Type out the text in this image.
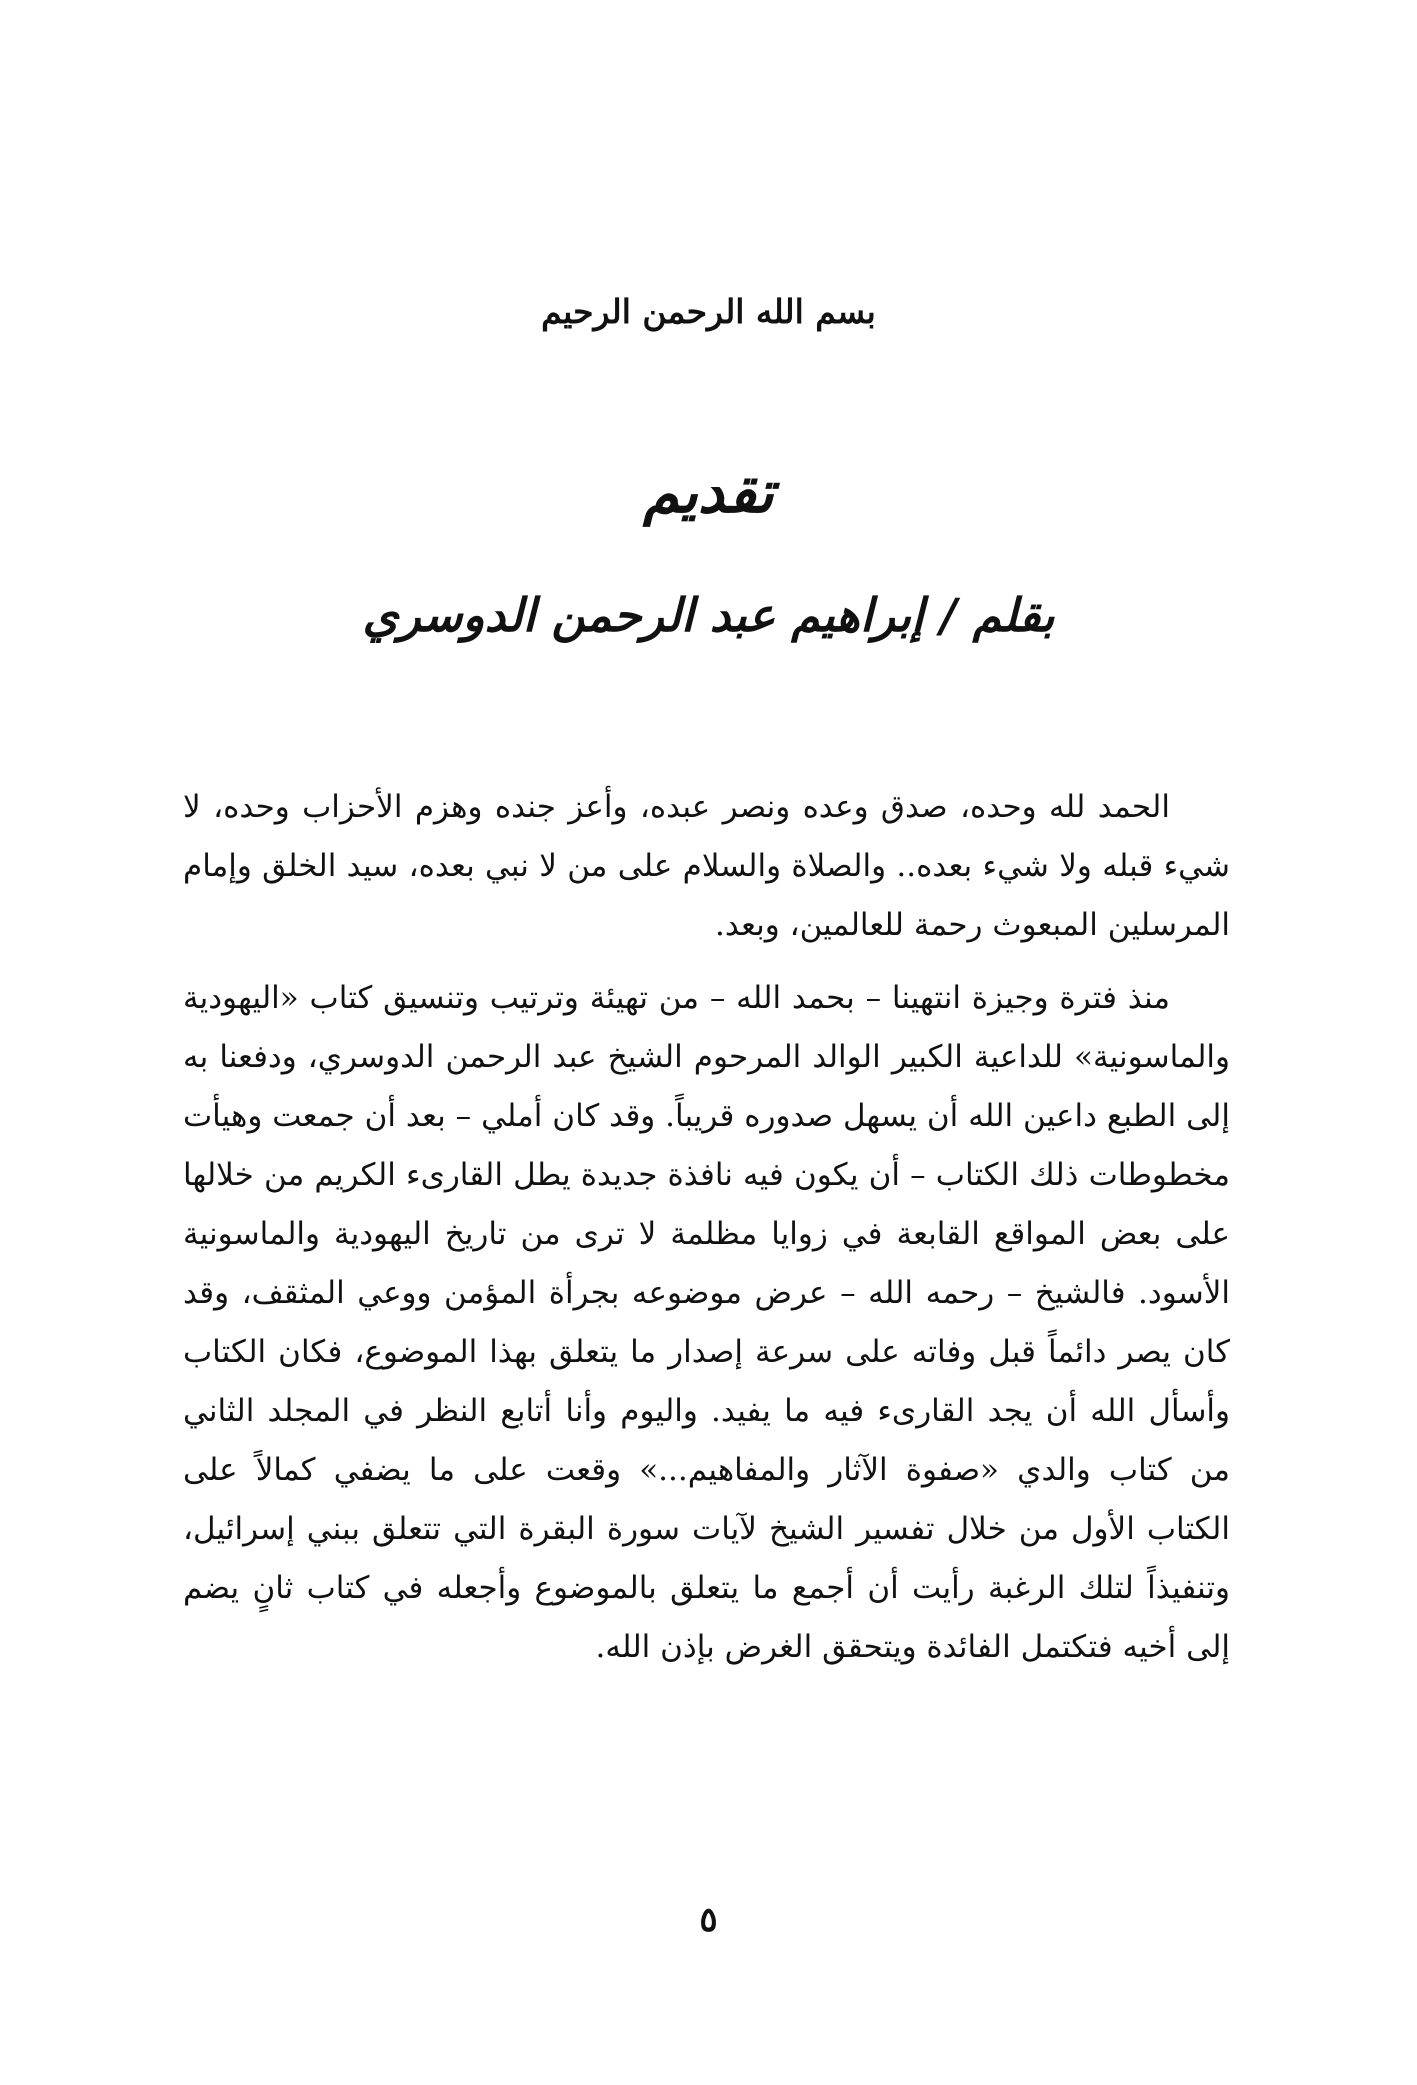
بسم الله الرحمن الرحيم
تقديم
بقلم / إبراهيم عبد الرحمن الدوسري

الحمد لله وحده، صدق وعده ونصر عبده، وأعز جنده وهزم الأحزاب وحده، لا شيء قبله ولا شيء بعده.. والصلاة والسلام على من لا نبي بعده، سيد الخلق وإمام المرسلين المبعوث رحمة للعالمين، وبعد.

منذ فترة وجيزة انتهينا – بحمد الله – من تهيئة وترتيب وتنسيق كتاب «اليهودية والماسونية» للداعية الكبير الوالد المرحوم الشيخ عبد الرحمن الدوسري، ودفعنا به إلى الطبع داعين الله أن يسهل صدوره قريباً. وقد كان أملي – بعد أن جمعت وهيأت مخطوطات ذلك الكتاب – أن يكون فيه نافذة جديدة يطل القارىء الكريم من خلالها على بعض المواقع القابعة في زوايا مظلمة لا ترى من تاريخ اليهودية والماسونية الأسود. فالشيخ – رحمه الله – عرض موضوعه بجرأة المؤمن ووعي المثقف، وقد كان يصر دائماً قبل وفاته على سرعة إصدار ما يتعلق بهذا الموضوع، فكان الكتاب وأسأل الله أن يجد القارىء فيه ما يفيد. واليوم وأنا أتابع النظر في المجلد الثاني من كتاب والدي «صفوة الآثار والمفاهيم...» وقعت على ما يضفي كمالاً على الكتاب الأول من خلال تفسير الشيخ لآيات سورة البقرة التي تتعلق ببني إسرائيل، وتنفيذاً لتلك الرغبة رأيت أن أجمع ما يتعلق بالموضوع وأجعله في كتاب ثانٍ يضم إلى أخيه فتكتمل الفائدة ويتحقق الغرض بإذن الله.

٥
